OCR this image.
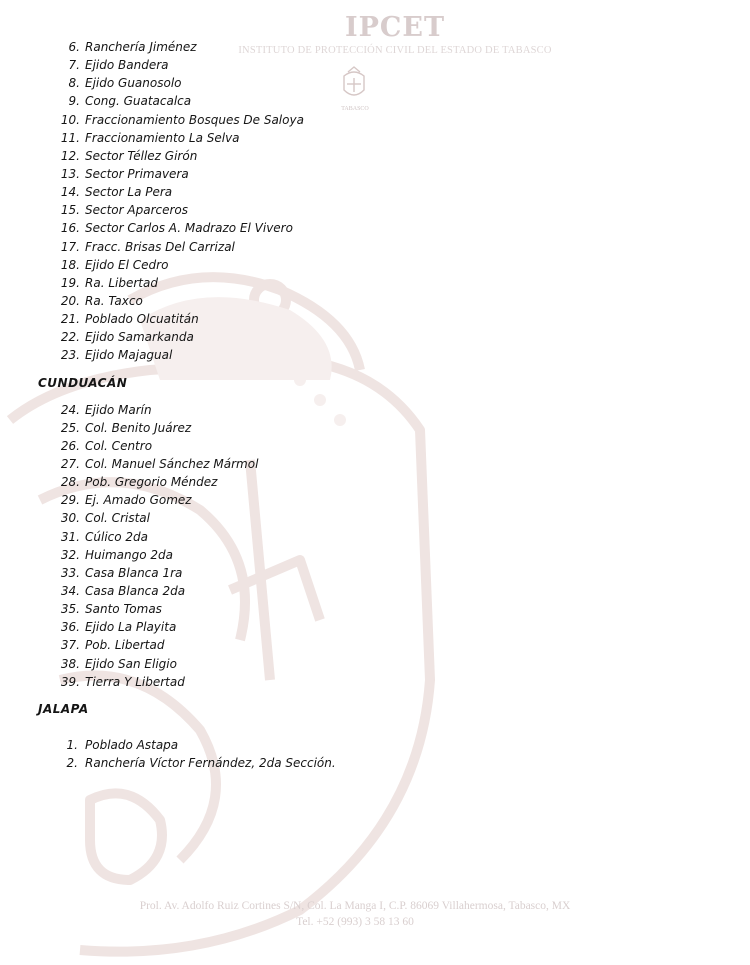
IPCET
INSTITUTO DE PROTECCIÓN CIVIL DEL ESTADO DE TABASCO
TABASCO
6. Ranchería Jiménez
7. Ejido Bandera
8. Ejido Guanosolo
9. Cong. Guatacalca
10. Fraccionamiento Bosques De Saloya
11. Fraccionamiento La Selva
12. Sector Téllez Girón
13. Sector Primavera
14. Sector La Pera
15. Sector Aparceros
16. Sector Carlos A. Madrazo El Vivero
17. Fracc. Brisas Del Carrizal
18. Ejido El Cedro
19. Ra. Libertad
20. Ra. Taxco
21. Poblado Olcuatitán
22. Ejido Samarkanda
23. Ejido Majagual
CUNDUACÁN
24. Ejido Marín
25. Col. Benito Juárez
26. Col. Centro
27. Col. Manuel Sánchez Mármol
28. Pob. Gregorio Méndez
29. Ej. Amado Gomez
30. Col. Cristal
31. Cúlico 2da
32. Huimango 2da
33. Casa Blanca 1ra
34. Casa Blanca 2da
35. Santo Tomas
36. Ejido La Playita
37. Pob. Libertad
38. Ejido San Eligio
39. Tierra Y Libertad
JALAPA
1. Poblado Astapa
2. Ranchería Víctor Fernández, 2da Sección.
Prol. Av. Adolfo Ruiz Cortines S/N, Col. La Manga I, C.P. 86069 Villahermosa, Tabasco, MX
Tel. +52 (993) 3 58 13 60
